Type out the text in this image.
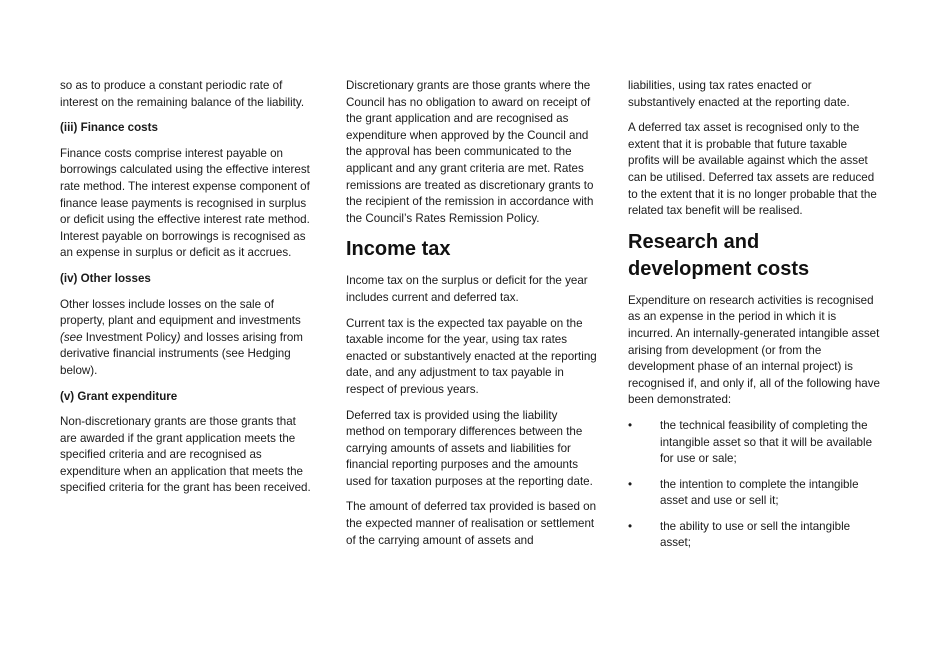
so as to produce a constant periodic rate of interest on the remaining balance of the liability.

(iii) Finance costs

Finance costs comprise interest payable on borrowings calculated using the effective interest rate method. The interest expense component of finance lease payments is recognised in surplus or deficit using the effective interest rate method. Interest payable on borrowings is recognised as an expense in surplus or deficit as it accrues.

(iv) Other losses

Other losses include losses on the sale of property, plant and equipment and investments (see Investment Policy) and losses arising from derivative financial instruments (see Hedging below).

(v) Grant expenditure

Non-discretionary grants are those grants that are awarded if the grant application meets the specified criteria and are recognised as expenditure when an application that meets the specified criteria for the grant has been received.

Discretionary grants are those grants where the Council has no obligation to award on receipt of the grant application and are recognised as expenditure when approved by the Council and the approval has been communicated to the applicant and any grant criteria are met. Rates remissions are treated as discretionary grants to the recipient of the remission in accordance with the Council’s Rates Remission Policy.

Income tax

Income tax on the surplus or deficit for the year includes current and deferred tax.

Current tax is the expected tax payable on the taxable income for the year, using tax rates enacted or substantively enacted at the reporting date, and any adjustment to tax payable in respect of previous years.

Deferred tax is provided using the liability method on temporary differences between the carrying amounts of assets and liabilities for financial reporting purposes and the amounts used for taxation purposes at the reporting date.

The amount of deferred tax provided is based on the expected manner of realisation or settlement of the carrying amount of assets and

liabilities, using tax rates enacted or substantively enacted at the reporting date.

A deferred tax asset is recognised only to the extent that it is probable that future taxable profits will be available against which the asset can be utilised. Deferred tax assets are reduced to the extent that it is no longer probable that the related tax benefit will be realised.

Research and development costs

Expenditure on research activities is recognised as an expense in the period in which it is incurred. An internally-generated intangible asset arising from development (or from the development phase of an internal project) is recognised if, and only if, all of the following have been demonstrated:

• the technical feasibility of completing the intangible asset so that it will be available for use or sale;
• the intention to complete the intangible asset and use or sell it;
• the ability to use or sell the intangible asset;
